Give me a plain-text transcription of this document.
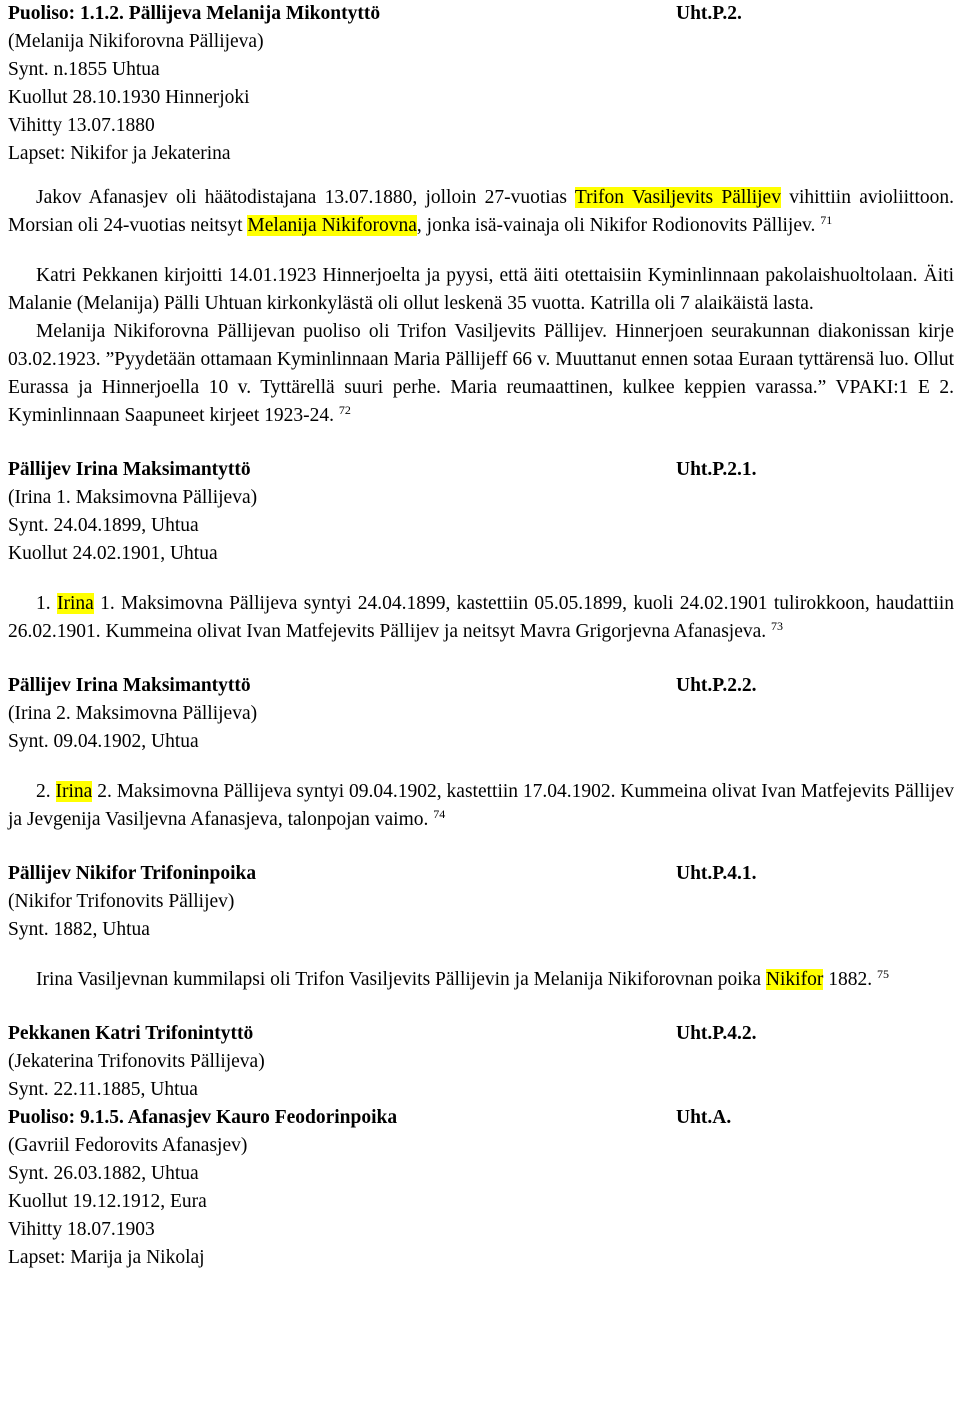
Puoliso: 1.1.2. Pällijeva Melanija Mikontyttö	Uht.P.2.
(Melanija Nikiforovna Pällijeva)
Synt. n.1855 Uhtua
Kuollut 28.10.1930 Hinnerjoki
Vihitty 13.07.1880
Lapset: Nikifor ja Jekaterina

Jakov Afanasjev oli häätodistajana 13.07.1880, jolloin 27-vuotias Trifon Vasiljevits Pällijev vihittiin avioliittoon. Morsian oli 24-vuotias neitsyt Melanija Nikiforovna, jonka isä-vainaja oli Nikifor Rodionovits Pällijev. $^{71}$

Katri Pekkanen kirjoitti 14.01.1923 Hinnerjoelta ja pyysi, että äiti otettaisiin Kyminlinnaan pakolaishuoltolaan. Äiti Malanie (Melanija) Pälli Uhtuan kirkonkylästä oli ollut leskenä 35 vuotta. Katrilla oli 7 alaikäistä lasta.

Melanija Nikiforovna Pällijevan puoliso oli Trifon Vasiljevits Pällijev. Hinnerjoen seurakunnan diakonissan kirje 03.02.1923. ”Pyydetään ottamaan Kyminlinnaan Maria Pällijeff 66 v. Muuttanut ennen sotaa Euraan tyttärensä luo. Ollut Eurassa ja Hinnerjoella 10 v. Tyttärellä suuri perhe. Maria reumaattinen, kulkee keppien varassa.” VPAKI:1 E 2. Kyminlinnaan Saapuneet kirjeet 1923-24. $^{72}$

Pällijev Irina Maksimantyttö	Uht.P.2.1.
(Irina 1. Maksimovna Pällijeva)
Synt. 24.04.1899, Uhtua
Kuollut 24.02.1901, Uhtua

1. Irina 1. Maksimovna Pällijeva syntyi 24.04.1899, kastettiin 05.05.1899, kuoli 24.02.1901 tulirokkoon, haudattiin 26.02.1901. Kummeina olivat Ivan Matfejevits Pällijev ja neitsyt Mavra Grigorjevna Afanasjeva. $^{73}$

Pällijev Irina Maksimantyttö	Uht.P.2.2.
(Irina 2. Maksimovna Pällijeva)
Synt. 09.04.1902, Uhtua

2. Irina 2. Maksimovna Pällijeva syntyi 09.04.1902, kastettiin 17.04.1902. Kummeina olivat Ivan Matfejevits Pällijev ja Jevgenija Vasiljevna Afanasjeva, talonpojan vaimo. $^{74}$

Pällijev Nikifor Trifoninpoika	Uht.P.4.1.
(Nikifor Trifonovits Pällijev)
Synt. 1882, Uhtua

Irina Vasiljevnan kummilapsi oli Trifon Vasiljevits Pällijevin ja Melanija Nikiforovnan poika Nikifor 1882. $^{75}$

Pekkanen Katri Trifonintyttö	Uht.P.4.2.
(Jekaterina Trifonovits Pällijeva)
Synt. 22.11.1885, Uhtua
Puoliso: 9.1.5. Afanasjev Kauro Feodorinpoika	Uht.A.
(Gavriil Fedorovits Afanasjev)
Synt. 26.03.1882, Uhtua
Kuollut 19.12.1912, Eura
Vihitty 18.07.1903
Lapset: Marija ja Nikolaj
